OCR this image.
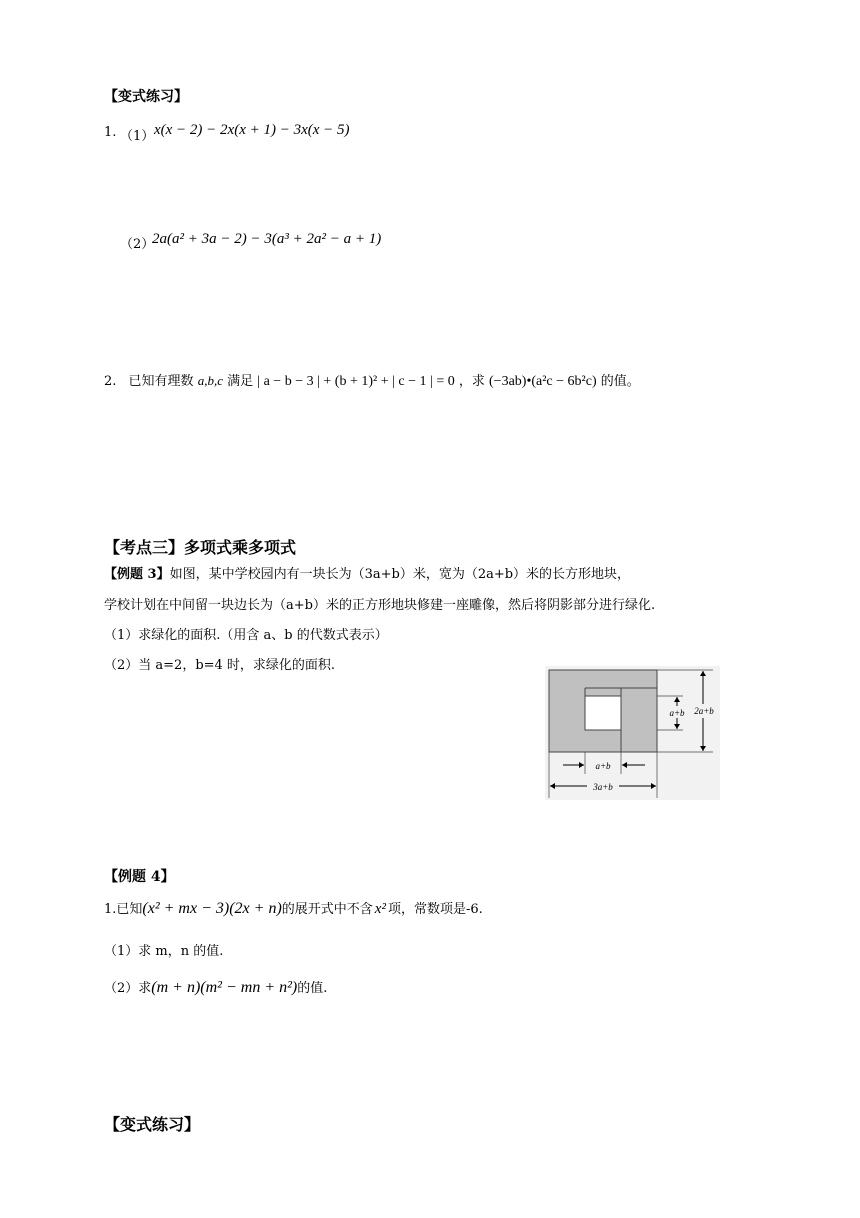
【变式练习】
1. （1） x(x − 2) − 2x(x + 1) − 3x(x − 5)
（2）
2a(a² + 3a − 2) − 3(a³ + 2a² − a + 1)
2. 已知有理数 a,b,c 满足 | a − b − 3 | + (b + 1)² + | c − 1 | = 0 ，求 (−3ab)•(a²c − 6b²c) 的值。
【考点三】多项式乘多项式
【例题 3】如图，某中学校园内有一块长为（3a+b）米，宽为（2a+b）米的长方形地块，
学校计划在中间留一块边长为（a+b）米的正方形地块修建一座雕像，然后将阴影部分进行绿化.
（1）求绿化的面积.（用含 a、b 的代数式表示）
（2）当 a=2，b=4 时，求绿化的面积.
a+b 2a+b
a+b
3a+b
【例题 4】
1.已知(x² + mx − 3)(2x + n)的展开式中不含 x² 项，常数项是-6.
（1）求 m，n 的值.
（2）求(m + n)(m² − mn + n²)的值.
【变式练习】
